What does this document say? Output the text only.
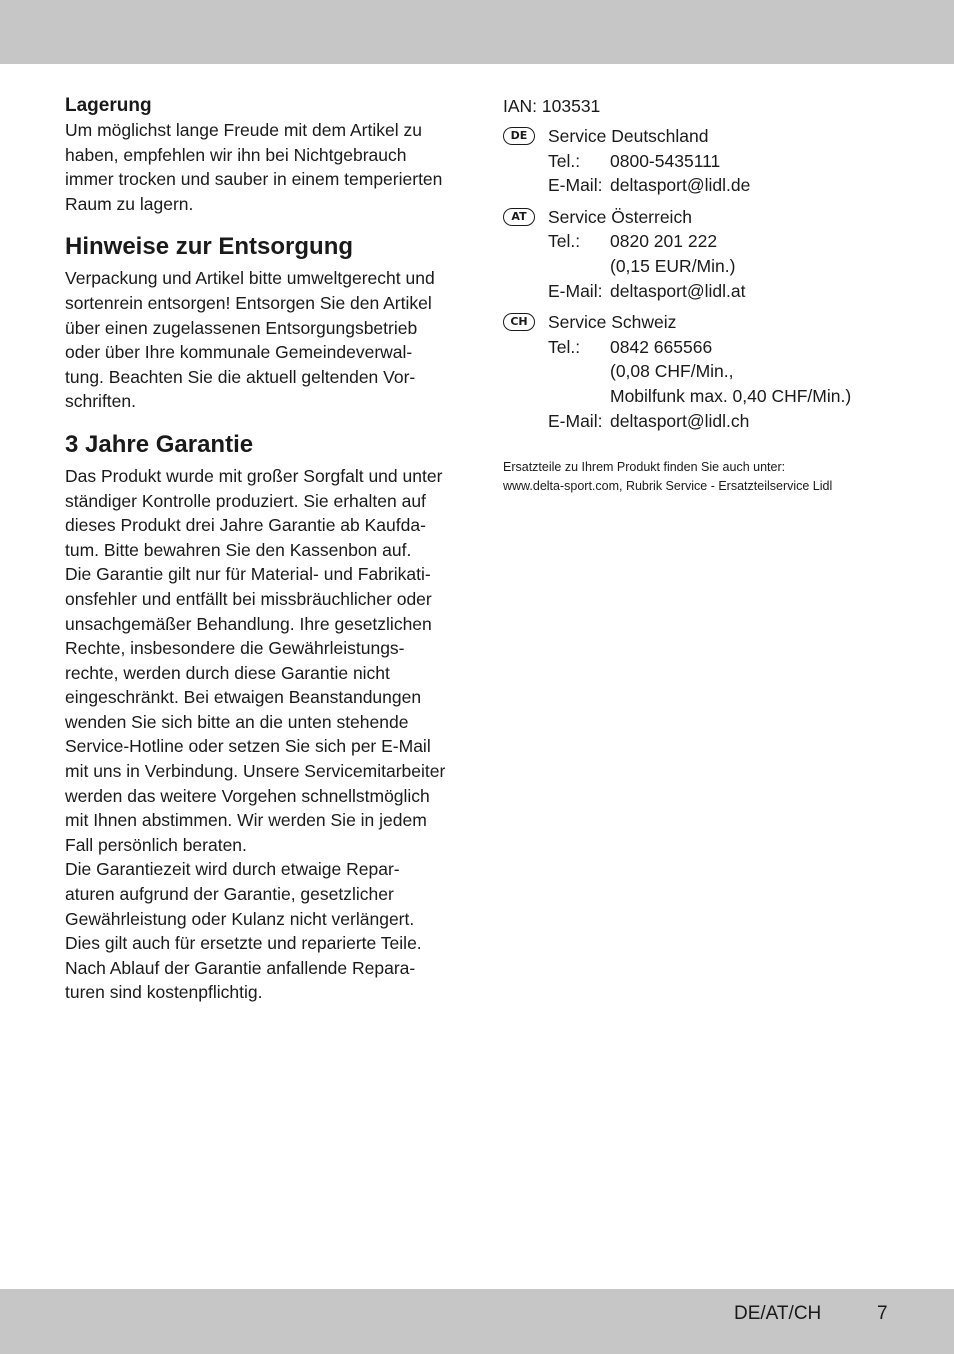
Lagerung
Um möglichst lange Freude mit dem Artikel zu
haben, empfehlen wir ihn bei Nichtgebrauch
immer trocken und sauber in einem temperierten
Raum zu lagern.
Hinweise zur Entsorgung
Verpackung und Artikel bitte umweltgerecht und
sortenrein entsorgen! Entsorgen Sie den Artikel
über einen zugelassenen Entsorgungsbetrieb
oder über Ihre kommunale Gemeindeverwal-
tung. Beachten Sie die aktuell geltenden Vor-
schriften.
3 Jahre Garantie
Das Produkt wurde mit großer Sorgfalt und unter
ständiger Kontrolle produziert. Sie erhalten auf
dieses Produkt drei Jahre Garantie ab Kaufda-
tum. Bitte bewahren Sie den Kassenbon auf.
Die Garantie gilt nur für Material- und Fabrikati-
onsfehler und entfällt bei missbräuchlicher oder
unsachgemäßer Behandlung. Ihre gesetzlichen
Rechte, insbesondere die Gewährleistungs-
rechte, werden durch diese Garantie nicht
eingeschränkt. Bei etwaigen Beanstandungen
wenden Sie sich bitte an die unten stehende
Service-Hotline oder setzen Sie sich per E-Mail
mit uns in Verbindung. Unsere Servicemitarbeiter
werden das weitere Vorgehen schnellstmöglich
mit Ihnen abstimmen. Wir werden Sie in jedem
Fall persönlich beraten.
Die Garantiezeit wird durch etwaige Repar-
aturen aufgrund der Garantie, gesetzlicher
Gewährleistung oder Kulanz nicht verlängert.
Dies gilt auch für ersetzte und reparierte Teile.
Nach Ablauf der Garantie anfallende Repara-
turen sind kostenpflichtig.
IAN: 103531
DE	Service Deutschland
Tel.:	0800-5435111
E-Mail: deltasport@lidl.de
AT	Service Österreich
Tel.:	0820 201 222
(0,15 EUR/Min.)
E-Mail: deltasport@lidl.at
CH	Service Schweiz
Tel.:	0842 665566
(0,08 CHF/Min.,
Mobilfunk max. 0,40 CHF/Min.)
E-Mail: deltasport@lidl.ch
Ersatzteile zu Ihrem Produkt finden Sie auch unter:
www.delta-sport.com, Rubrik Service - Ersatzteilservice Lidl
DE/AT/CH	7
